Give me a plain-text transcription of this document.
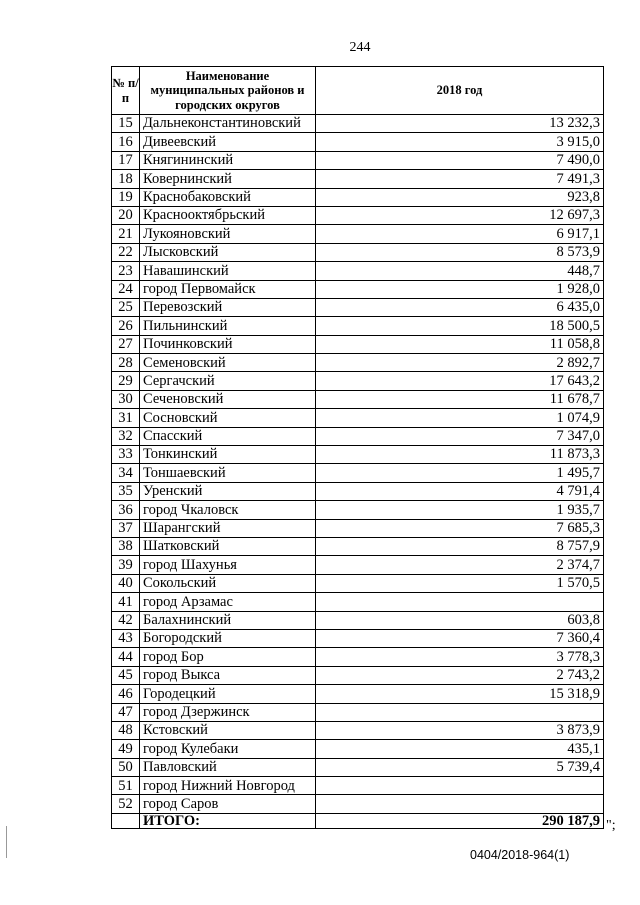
244
№ п/п	Наименование муниципальных районов и городских округов	2018 год

15	Дальнеконстантиновский	13 232,3
16	Дивеевский	3 915,0
17	Княгининский	7 490,0
18	Ковернинский	7 491,3
19	Краснобаковский	923,8
20	Краснооктябрьский	12 697,3
21	Лукояновский	6 917,1
22	Лысковский	8 573,9
23	Навашинский	448,7
24	город Первомайск	1 928,0
25	Перевозский	6 435,0
26	Пильнинский	18 500,5
27	Починковский	11 058,8
28	Семеновский	2 892,7
29	Сергачский	17 643,2
30	Сеченовский	11 678,7
31	Сосновский	1 074,9
32	Спасский	7 347,0
33	Тонкинский	11 873,3
34	Тоншаевский	1 495,7
35	Уренский	4 791,4
36	город Чкаловск	1 935,7
37	Шарангский	7 685,3
38	Шатковский	8 757,9
39	город Шахунья	2 374,7
40	Сокольский	1 570,5
41	город Арзамас	
42	Балахнинский	603,8
43	Богородский	7 360,4
44	город Бор	3 778,3
45	город Выкса	2 743,2
46	Городецкий	15 318,9
47	город Дзержинск	
48	Кстовский	3 873,9
49	город Кулебаки	435,1
50	Павловский	5 739,4
51	город Нижний Новгород	
52	город Саров	
	ИТОГО:	290 187,9 ";
0404/2018-964(1)
